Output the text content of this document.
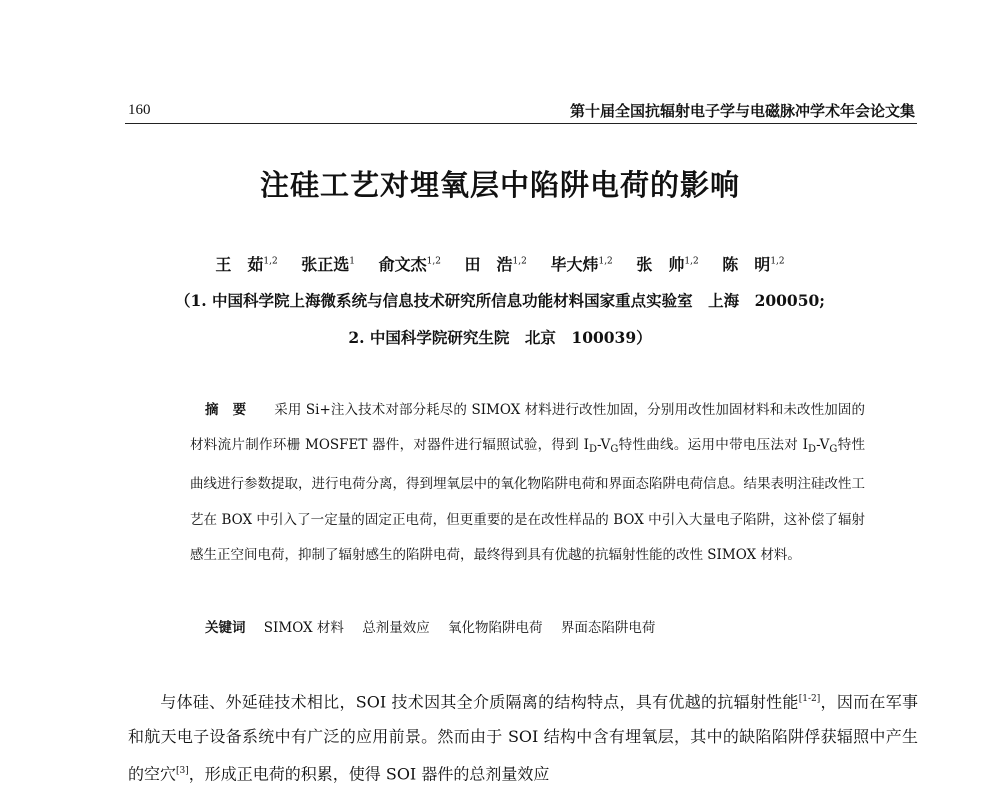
160	第十届全国抗辐射电子学与电磁脉冲学术年会论文集
注硅工艺对埋氧层中陷阱电荷的影响
王　茹$^{1,2}$ 张正选$^1$ 俞文杰$^{1,2}$ 田　浩$^{1,2}$ 毕大炜$^{1,2}$ 张　帅$^{1,2}$ 陈　明$^{1,2}$
（1. 中国科学院上海微系统与信息技术研究所信息功能材料国家重点实验室　上海　200050;
2. 中国科学院研究生院　北京　100039）
摘要 采用 Si+注入技术对部分耗尽的 SIMOX 材料进行改性加固，分别用改性加固材料和未改性加固的材料流片制作环栅 MOSFET 器件，对器件进行辐照试验，得到 $I_D-V_G$特性曲线。运用中带电压法对 $I_D-V_G$特性曲线进行参数提取，进行电荷分离，得到埋氧层中的氧化物陷阱电荷和界面态陷阱电荷信息。结果表明注硅改性工艺在 BOX 中引入了一定量的固定正电荷，但更重要的是在改性样品的 BOX 中引入大量电子陷阱，这补偿了辐射感生正空间电荷，抑制了辐射感生的陷阱电荷，最终得到具有优越的抗辐射性能的改性 SIMOX 材料。
关键词 SIMOX 材料 总剂量效应 氧化物陷阱电荷 界面态陷阱电荷
与体硅、外延硅技术相比，SOI 技术因其全介质隔离的结构特点，具有优越的抗辐射性能[1-2]，因而在军事和航天电子设备系统中有广泛的应用前景。然而由于 SOI 结构中含有埋氧层，其中的缺陷陷阱俘获辐照中产生的空穴[3]，形成正电荷的积累，使得 SOI 器件的总剂量效应
